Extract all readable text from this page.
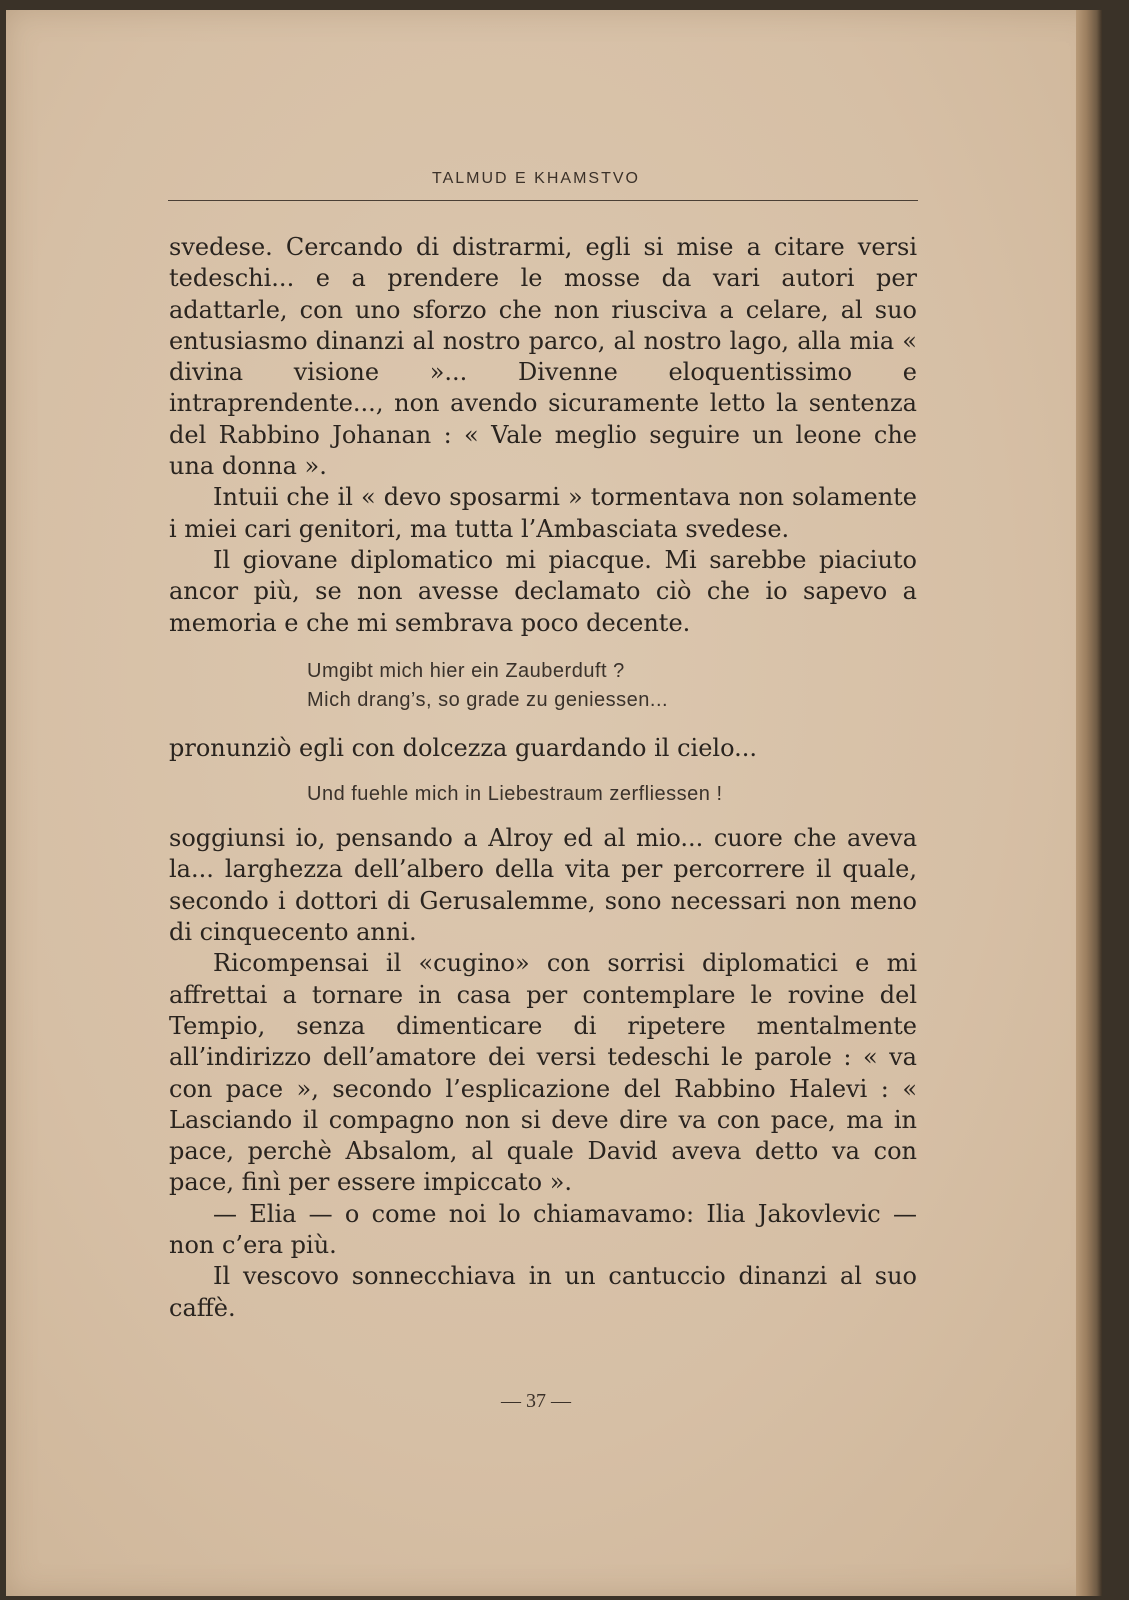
TALMUD E KHAMSTVO

svedese. Cercando di distrarmi, egli si mise a citare versi tedeschi... e a prendere le mosse da vari autori per adattarle, con uno sforzo che non riusciva a celare, al suo entusiasmo dinanzi al nostro parco, al nostro lago, alla mia « divina visione »... Divenne eloquentissimo e intraprendente..., non avendo sicuramente letto la sentenza del Rabbino Johanan : « Vale meglio seguire un leone che una donna ».

Intuii che il « devo sposarmi » tormentava non solamente i miei cari genitori, ma tutta l’Ambasciata svedese.

Il giovane diplomatico mi piacque. Mi sarebbe piaciuto ancor più, se non avesse declamato ciò che io sapevo a memoria e che mi sembrava poco decente.

Umgibt mich hier ein Zauberduft ?
Mich drang’s, so grade zu geniessen...

pronunziò egli con dolcezza guardando il cielo...

Und fuehle mich in Liebestraum zerfliessen !

soggiunsi io, pensando a Alroy ed al mio... cuore che aveva la... larghezza dell’albero della vita per percorrere il quale, secondo i dottori di Gerusalemme, sono necessari non meno di cinquecento anni.

Ricompensai il «cugino» con sorrisi diplomatici e mi affrettai a tornare in casa per contemplare le rovine del Tempio, senza dimenticare di ripetere mentalmente all’indirizzo dell’amatore dei versi tedeschi le parole : « va con pace », secondo l’esplicazione del Rabbino Halevi : « Lasciando il compagno non si deve dire va con pace, ma in pace, perchè Absalom, al quale David aveva detto va con pace, finì per essere impiccato ».

— Elia — o come noi lo chiamavamo: Ilia Jakovlevic — non c’era più.

Il vescovo sonnecchiava in un cantuccio dinanzi al suo caffè.

— 37 —
